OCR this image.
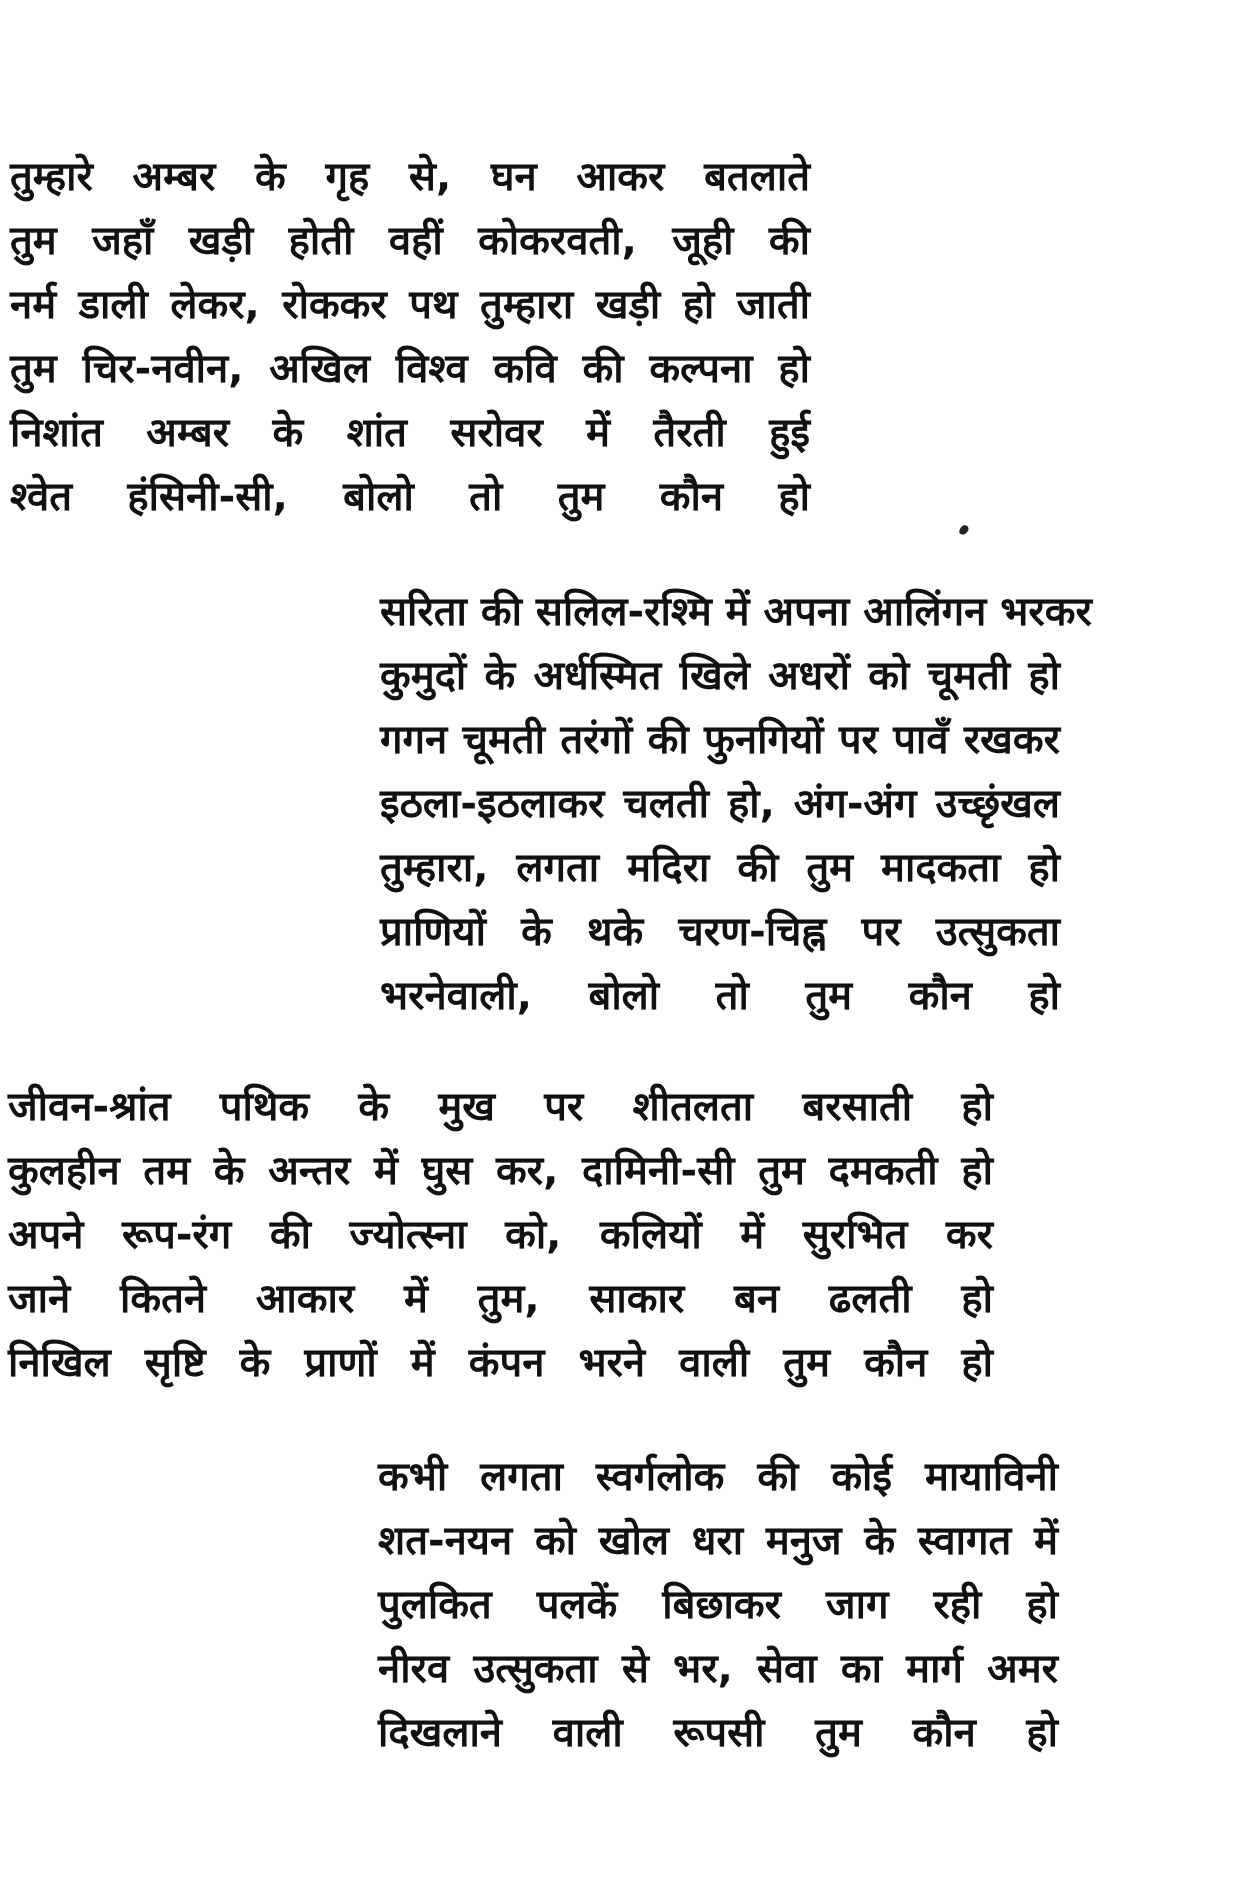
तुम्हारे अम्बर के गृह से, घन आकर बतलाते
तुम जहाँ खड़ी होती वहीं कोकरवती, जूही की
नर्म डाली लेकर, रोककर पथ तुम्हारा खड़ी हो जाती
तुम चिर-नवीन, अखिल विश्व कवि की कल्पना हो
निशांत अम्बर के शांत सरोवर में तैरती हुई
श्वेत हंसिनी-सी, बोलो तो तुम कौन हो
सरिता की सलिल-रश्मि में अपना आलिंगन भरकर
कुमुदों के अर्धस्मित खिले अधरों को चूमती हो
गगन चूमती तरंगों की फुनगियों पर पावँ रखकर
इठला-इठलाकर चलती हो, अंग-अंग उच्छृंखल
तुम्हारा, लगता मदिरा की तुम मादकता हो
प्राणियों के थके चरण-चिह्न पर उत्सुकता
भरनेवाली, बोलो तो तुम कौन हो
जीवन-श्रांत पथिक के मुख पर शीतलता बरसाती हो
कुलहीन तम के अन्तर में घुस कर, दामिनी-सी तुम दमकती हो
अपने रूप-रंग की ज्योत्स्ना को, कलियों में सुरभित कर
जाने कितने आकार में तुम, साकार बन ढलती हो
निखिल सृष्टि के प्राणों में कंपन भरने वाली तुम कौन हो
कभी लगता स्वर्गलोक की कोई मायाविनी
शत-नयन को खोल धरा मनुज के स्वागत में
पुलकित पलकें बिछाकर जाग रही हो
नीरव उत्सुकता से भर, सेवा का मार्ग अमर
दिखलाने वाली रूपसी तुम कौन हो
